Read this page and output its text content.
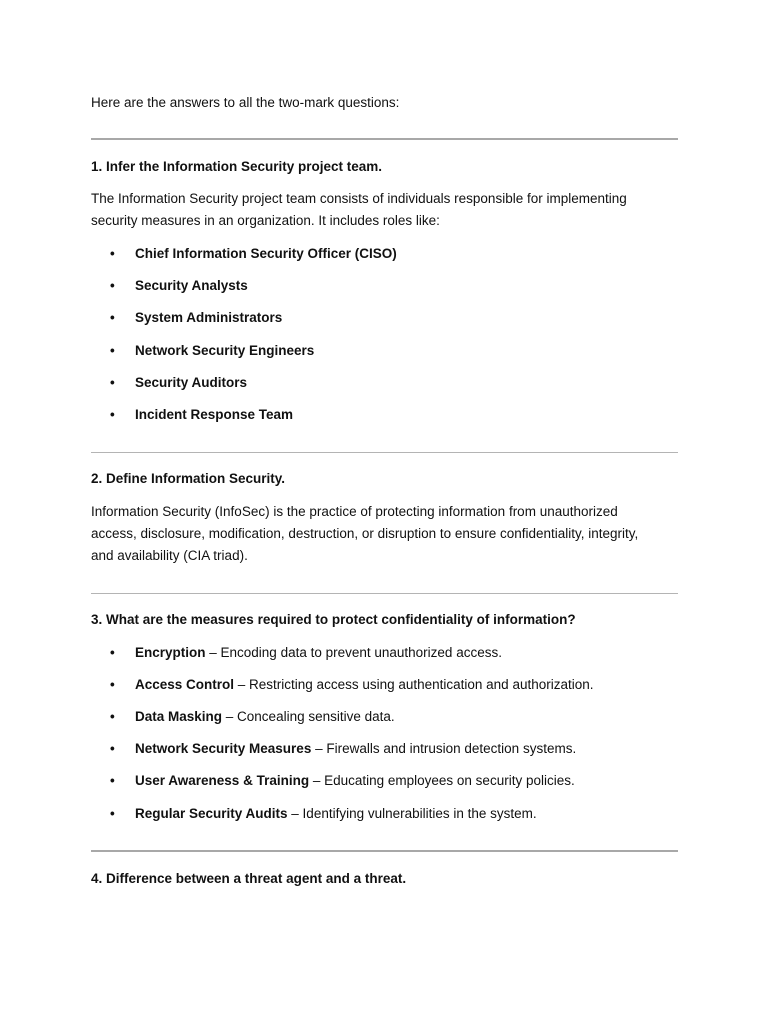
Here are the answers to all the two-mark questions:
1. Infer the Information Security project team.
The Information Security project team consists of individuals responsible for implementing
security measures in an organization. It includes roles like:
• Chief Information Security Officer (CISO)
• Security Analysts
• System Administrators
• Network Security Engineers
• Security Auditors
• Incident Response Team
2. Define Information Security.
Information Security (InfoSec) is the practice of protecting information from unauthorized
access, disclosure, modification, destruction, or disruption to ensure confidentiality, integrity,
and availability (CIA triad).
3. What are the measures required to protect confidentiality of information?
• Encryption – Encoding data to prevent unauthorized access.
• Access Control – Restricting access using authentication and authorization.
• Data Masking – Concealing sensitive data.
• Network Security Measures – Firewalls and intrusion detection systems.
• User Awareness & Training – Educating employees on security policies.
• Regular Security Audits – Identifying vulnerabilities in the system.
4. Difference between a threat agent and a threat.
